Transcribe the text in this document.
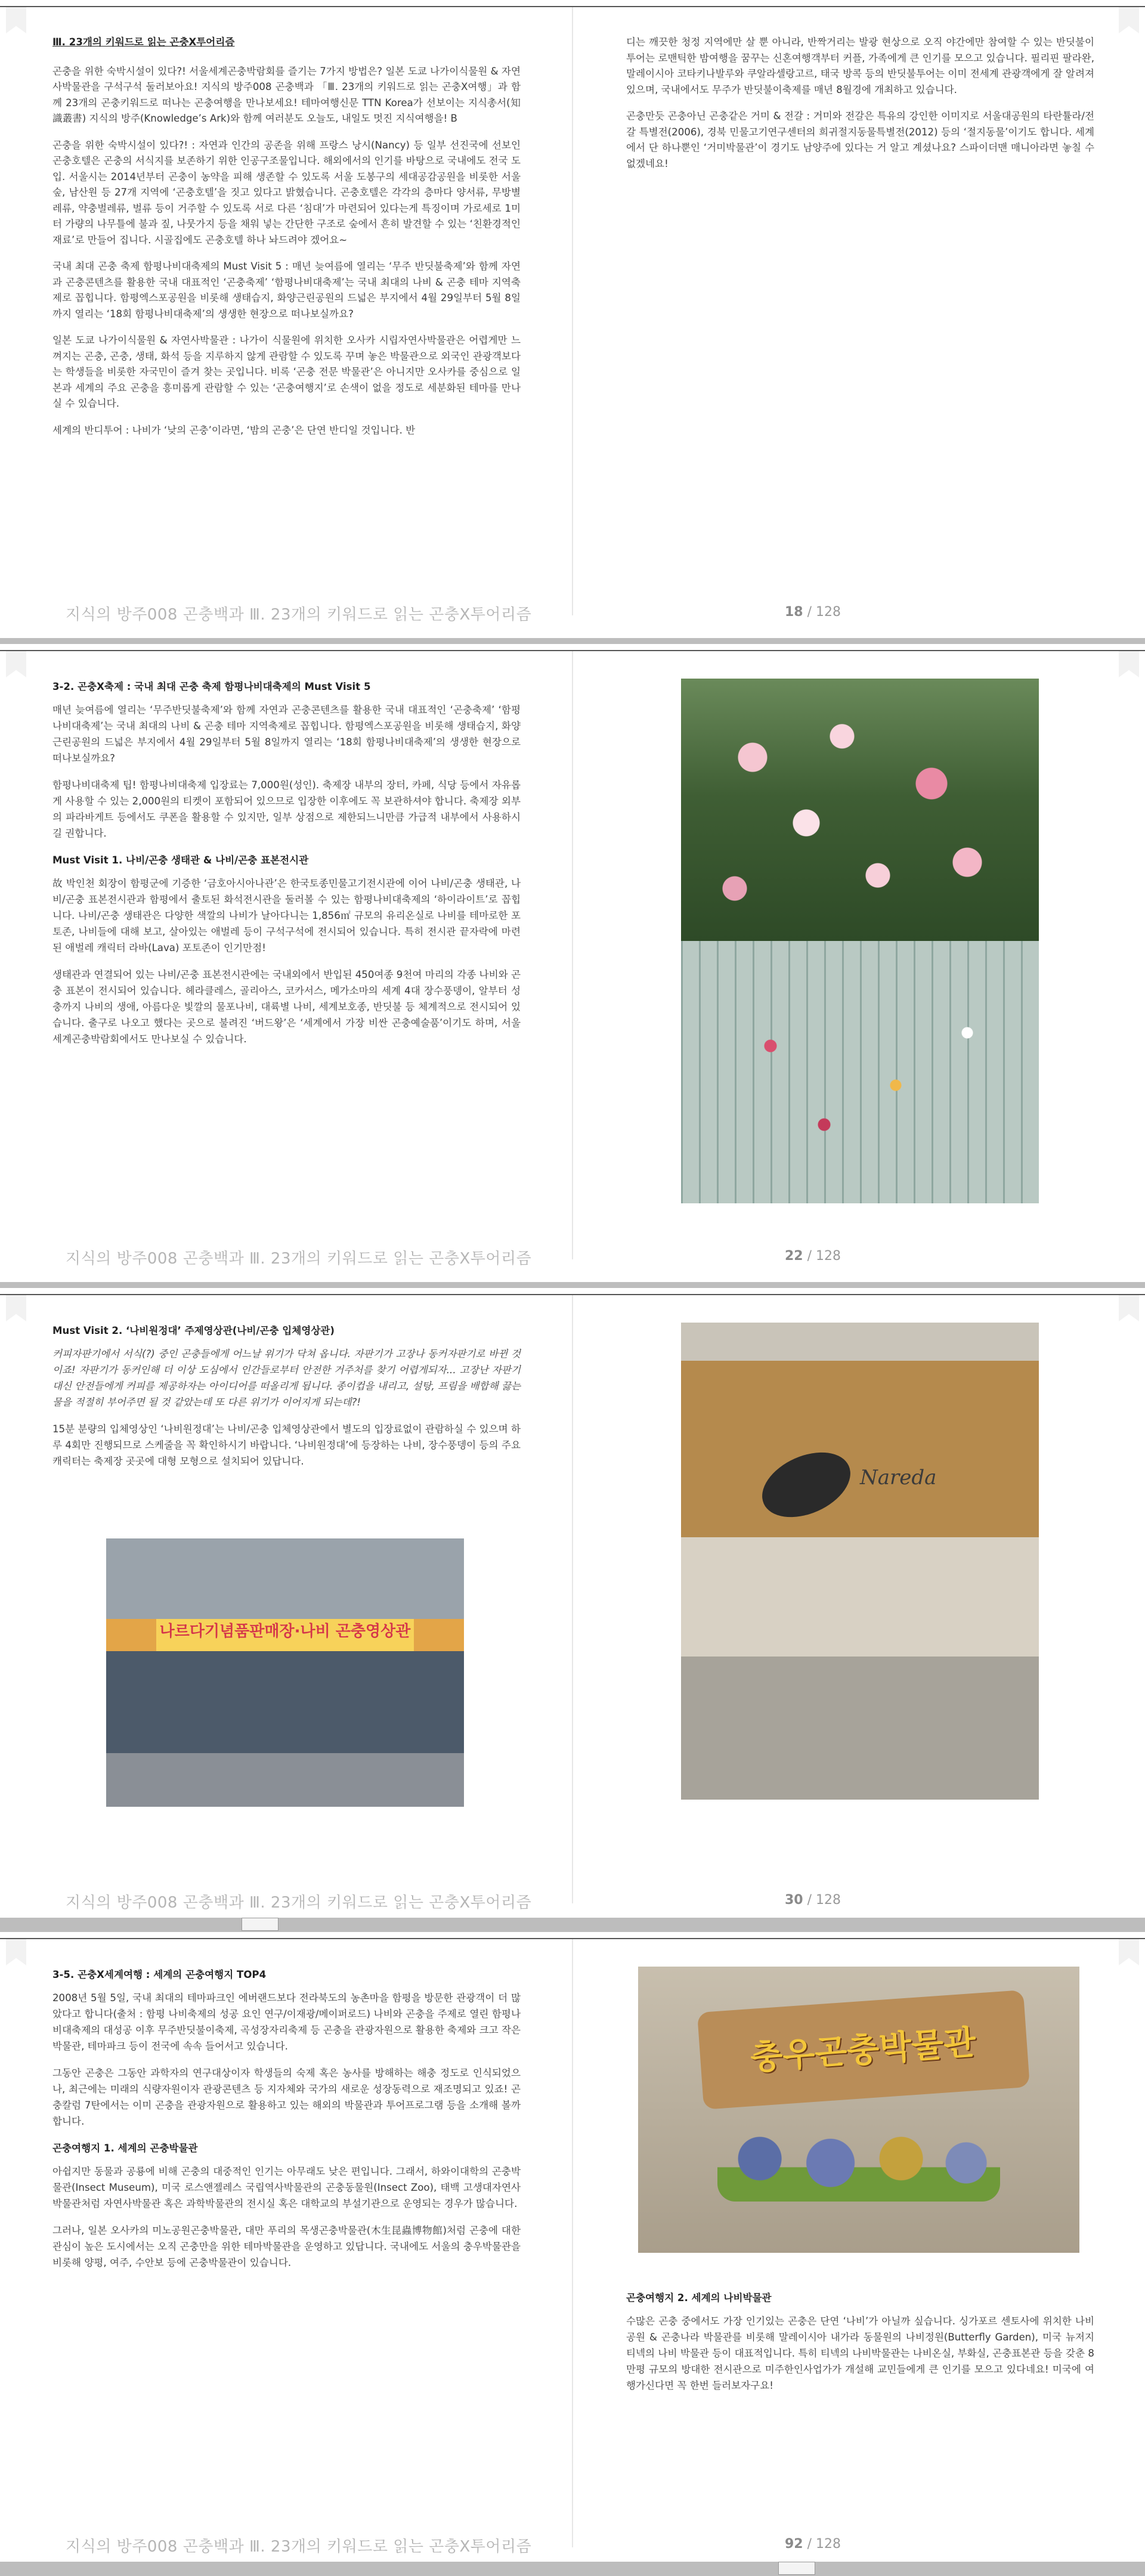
Ⅲ. 23개의 키워드로 읽는 곤충X투어리즘

곤충을 위한 숙박시설이 있다?! 서울세계곤충박람회를 즐기는 7가지 방법은? 일본 도쿄 나가이식물원 & 자연사박물관을 구석구석 둘러보아요! 지식의 방주008 곤충백과 「Ⅲ. 23개의 키워드로 읽는 곤충X여행」과 함께 23개의 곤충키워드로 떠나는 곤충여행을 만나보세요! 테마여행신문 TTN Korea가 선보이는 지식총서(知識叢書) 지식의 방주(Knowledge’s Ark)와 함께 여러분도 오늘도, 내일도 멋진 지식여행을! B

곤충을 위한 숙박시설이 있다?! : 자연과 인간의 공존을 위해 프랑스 낭시(Nancy) 등 일부 선진국에 선보인 곤충호텔은 곤충의 서식지를 보존하기 위한 인공구조물입니다. 해외에서의 인기를 바탕으로 국내에도 전국 도입. 서울시는 2014년부터 곤충이 농약을 피해 생존할 수 있도록 서울 도봉구의 세대공감공원을 비롯한 서울숲, 남산원 등 27개 지역에 ‘곤충호텔’을 짓고 있다고 밝혔습니다. 곤충호텔은 각각의 층마다 양서류, 무방별레류, 약충벌레류, 벌류 등이 거주할 수 있도록 서로 다른 ‘침대’가 마련되어 있다는게 특징이며 가로세로 1미터 가량의 나무틀에 불과 짚, 나뭇가지 등을 채워 넣는 간단한 구조로 숲에서 흔히 발견할 수 있는 ‘친환경적인 재료’로 만들어 집니다. 시골집에도 곤충호텔 하나 놔드려야 겠어요~

국내 최대 곤충 축제 함평나비대축제의 Must Visit 5 : 매년 늦여름에 열리는 ‘무주 반딧불축제’와 함께 자연과 곤충콘텐츠를 활용한 국내 대표적인 ‘곤충축제’ ‘함평나비대축제’는 국내 최대의 나비 & 곤충 테마 지역축제로 꼽힙니다. 함평엑스포공원을 비롯해 생태습지, 화양근린공원의 드넓은 부지에서 4월 29일부터 5월 8일까지 열리는 ‘18회 함평나비대축제’의 생생한 현장으로 떠나보실까요?

일본 도쿄 나가이식물원 & 자연사박물관 : 나가이 식물원에 위치한 오사카 시립자연사박물관은 어렵게만 느껴지는 곤충, 곤충, 생태, 화석 등을 지루하지 않게 관람할 수 있도록 꾸며 놓은 박물관으로 외국인 관광객보다는 학생들을 비롯한 자국민이 즐겨 찾는 곳입니다. 비록 ‘곤충 전문 박물관’은 아니지만 오사카를 중심으로 일본과 세계의 주요 곤충을 흥미롭게 관람할 수 있는 ‘곤충여행지’로 손색이 없을 정도로 세분화된 테마를 만나실 수 있습니다.

세계의 반디투어 : 나비가 ‘낮의 곤충’이라면, ‘밤의 곤충’은 단연 반디일 것입니다. 반

디는 깨끗한 청정 지역에만 살 뿐 아니라, 반짝거리는 발광 현상으로 오직 야간에만 참여할 수 있는 반딧불이투어는 로맨틱한 밤여행을 꿈꾸는 신혼여행객부터 커플, 가족에게 큰 인기를 모으고 있습니다. 필리핀 팔라완, 말레이시아 코타키나발루와 쿠알라셀랑고르, 태국 방콕 등의 반딧불투어는 이미 전세계 관광객에게 잘 알려져 있으며, 국내에서도 무주가 반딧불이축제를 매년 8월경에 개최하고 있습니다.

곤충만듯 곤충아닌 곤충같은 거미 & 전갈 : 거미와 전갈은 특유의 강인한 이미지로 서울대공원의 타란튤라/전갈 특별전(2006), 경북 민물고기연구센터의 희귀절지동물특별전(2012) 등의 ‘절지동물’이기도 합니다. 세계에서 단 하나뿐인 ‘거미박물관’이 경기도 남양주에 있다는 거 알고 계셨나요? 스파이더맨 매니아라면 놓칠 수 없겠네요!

지식의 방주008 곤충백과 Ⅲ. 23개의 키워드로 읽는 곤충X투어리즘	18 / 128
3-2. 곤충X축제 : 국내 최대 곤충 축제 함평나비대축제의 Must Visit 5

매년 늦여름에 열리는 ‘무주반딧불축제’와 함께 자연과 곤충콘텐츠를 활용한 국내 대표적인 ‘곤충축제’ ‘함평나비대축제’는 국내 최대의 나비 & 곤충 테마 지역축제로 꼽힙니다. 함평엑스포공원을 비롯해 생태습지, 화양근린공원의 드넓은 부지에서 4월 29일부터 5월 8일까지 열리는 ‘18회 함평나비대축제’의 생생한 현장으로 떠나보실까요?

함평나비대축제 팁! 함평나비대축제 입장료는 7,000원(성인). 축제장 내부의 장터, 카페, 식당 등에서 자유롭게 사용할 수 있는 2,000원의 티켓이 포함되어 있으므로 입장한 이후에도 꼭 보관하셔야 합니다. 축제장 외부의 파라바게트 등에서도 쿠폰을 활용할 수 있지만, 일부 상점으로 제한되느니만큼 가급적 내부에서 사용하시길 권합니다.

Must Visit 1. 나비/곤충 생태관 & 나비/곤충 표본전시관

故 박인천 회장이 함평군에 기증한 ‘금호아시아나관’은 한국토종민물고기전시관에 이어 나비/곤충 생태관, 나비/곤충 표본전시관과 함평에서 출토된 화석전시관을 둘러볼 수 있는 함평나비대축제의 ‘하이라이트’로 꼽힙니다. 나비/곤충 생태관은 다양한 색깔의 나비가 날아다니는 1,856㎡ 규모의 유리온실로 나비를 테마로한 포토존, 나비들에 대해 보고, 살아있는 애벌레 등이 구석구석에 전시되어 있습니다. 특히 전시관 끝자락에 마련된 애벌레 캐릭터 라바(Lava) 포토존이 인기만점!

생태관과 연결되어 있는 나비/곤충 표본전시관에는 국내외에서 반입된 450여종 9천여 마리의 각종 나비와 곤충 표본이 전시되어 있습니다. 헤라클레스, 골리아스, 코카서스, 메가소마의 세계 4대 장수풍뎅이, 알부터 성충까지 나비의 생애, 아름다운 빛깔의 물포나비, 대륙별 나비, 세계보호종, 반딧불 등 체계적으로 전시되어 있습니다. 출구로 나오고 했다는 곳으로 불려진 ‘버드왕’은 ‘세계에서 가장 비싼 곤충예술품’이기도 하며, 서울 세계곤충박람회에서도 만나보실 수 있습니다.

지식의 방주008 곤충백과 Ⅲ. 23개의 키워드로 읽는 곤충X투어리즘	22 / 128
Must Visit 2. ‘나비원정대’ 주제영상관(나비/곤충 입체영상관)

커피자판기에서 서식(?) 중인 곤충들에게 어느날 위기가 닥쳐 옵니다. 자판기가 고장나 동커자판기로 바뀐 것이죠! 자판기가 동커인해 더 이상 도심에서 인간들로부터 안전한 거주처를 찾기 어렵게되자... 고장난 자판기 대신 안전들에게 커피를 제공하자는 아이디어를 떠올리게 됩니다. 종이컵을 내리고, 설탕, 프림을 배합해 끓는 물을 적절히 부어주면 될 것 같았는데 또 다른 위기가 이어지게 되는데?!

15분 분량의 입체영상인 ‘나비원정대’는 나비/곤충 입체영상관에서 별도의 입장료없이 관람하실 수 있으며 하루 4회만 진행되므로 스케줄을 꼭 확인하시기 바랍니다. ‘나비원정대’에 등장하는 나비, 장수풍뎅이 등의 주요 캐릭터는 축제장 곳곳에 대형 모형으로 설치되어 있답니다.

나르다기념품판매장·나비 곤충영상관
Nareda
지식의 방주008 곤충백과 Ⅲ. 23개의 키워드로 읽는 곤충X투어리즘	30 / 128
3-5. 곤충X세계여행 : 세계의 곤충여행지 TOP4

2008년 5월 5일, 국내 최대의 테마파크인 에버랜드보다 전라북도의 농촌마을 함평을 방문한 관광객이 더 많았다고 합니다(출처 : 함평 나비축제의 성공 요인 연구/이재광/메이퍼로드) 나비와 곤충을 주제로 열린 함평나비대축제의 대성공 이후 무주반딧불이축제, 곡성장자리축제 등 곤충을 관광자원으로 활용한 축제와 크고 작은 박물관, 테마파크 등이 전국에 속속 들어서고 있습니다.

그동안 곤충은 그동안 과학자의 연구대상이자 학생들의 숙제 혹은 농사를 방해하는 해충 정도로 인식되었으나, 최근에는 미래의 식량자원이자 관광콘텐츠 등 지자체와 국가의 새로운 성장동력으로 재조명되고 있죠! 곤충칼럼 7탄에서는 이미 곤충을 관광자원으로 활용하고 있는 해외의 박물관과 투어프로그램 등을 소개해 볼까 합니다.

곤충여행지 1. 세계의 곤충박물관

아쉽지만 동물과 공룡에 비해 곤충의 대중적인 인기는 아무래도 낮은 편입니다. 그래서, 하와이대학의 곤충박물관(Insect Museum), 미국 로스앤젤레스 국립역사박물관의 곤충동물원(Insect Zoo), 태백 고생대자연사박물관처럼 자연사박물관 혹은 과학박물관의 전시실 혹은 대학교의 부설기관으로 운영되는 경우가 많습니다.

그러나, 일본 오사카의 미노공원곤충박물관, 대만 푸리의 목생곤충박물관(木生昆蟲博物館)처럼 곤충에 대한 관심이 높은 도시에서는 오직 곤충만을 위한 테마박물관을 운영하고 있답니다. 국내에도 서울의 충우박물관을 비롯해 양평, 여주, 수안보 등에 곤충박물관이 있습니다.

충우곤충박물관
곤충여행지 2. 세계의 나비박물관

수많은 곤충 중에서도 가장 인기있는 곤충은 단연 ‘나비’가 아닐까 싶습니다. 싱가포르 센토사에 위치한 나비공원 & 곤충나라 박물관를 비롯해 말레이시아 내가라 동물원의 나비정원(Butterfly Garden), 미국 뉴저지 티넥의 나비 박물관 등이 대표적입니다. 특히 티넥의 나비박물관는 나비온실, 부화실, 곤충표본관 등을 갖춘 8만평 규모의 방대한 전시관으로 미주한인사업가가 개설해 교민들에게 큰 인기를 모으고 있다네요! 미국에 여행가신다면 꼭 한번 들러보자구요!

지식의 방주008 곤충백과 Ⅲ. 23개의 키워드로 읽는 곤충X투어리즘	92 / 128
